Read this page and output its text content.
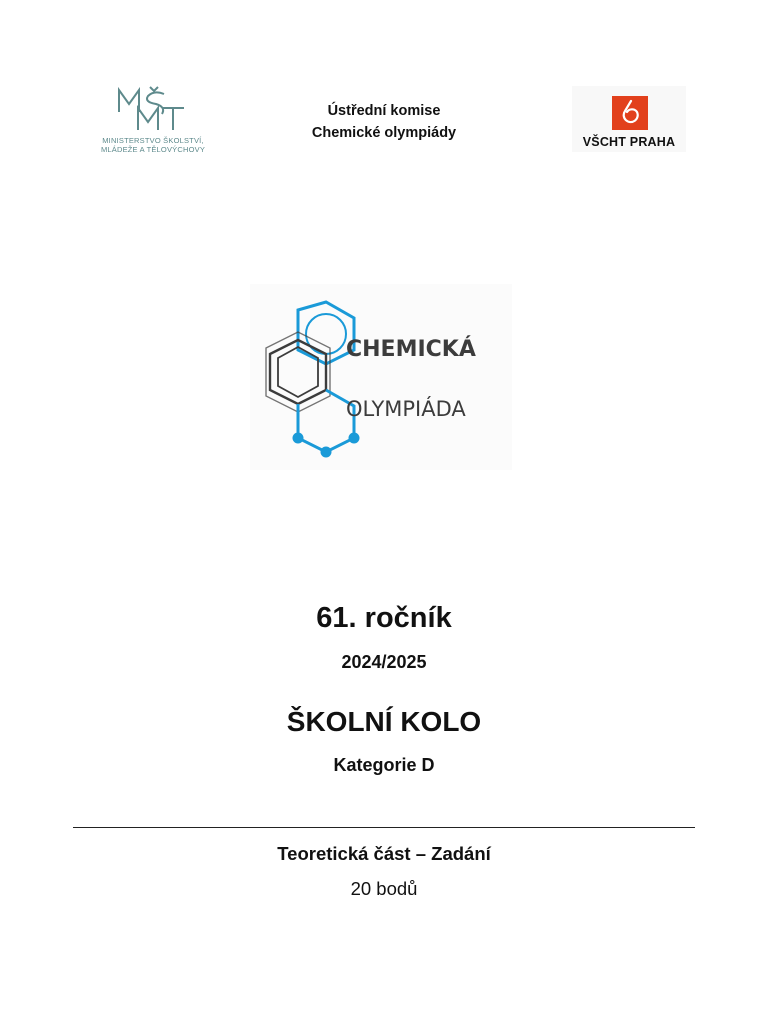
MŠMT
MINISTERSTVO ŠKOLSTVÍ,
MLÁDEŽE A TĚLOVÝCHOVY
Ústřední komise
Chemické olympiády
VŠCHT PRAHA
CHEMICKÁ
OLYMPIÁDA
61. ročník
2024/2025
ŠKOLNÍ KOLO
Kategorie D
Teoretická část – Zadání
20 bodů
